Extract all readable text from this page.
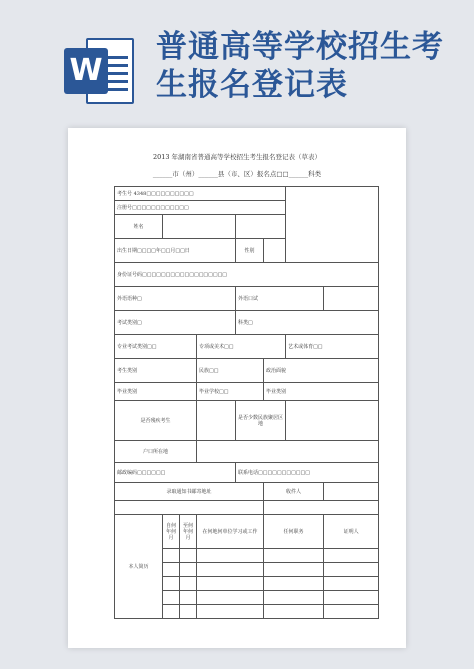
W
普通高等学校招生考生报名登记表
2013 年湖南省普通高等学校招生考生报名登记表（草表）
______市（州）______县（市、区）报名点□□______科类
考生号 4348□□□□□□□□□□							
注册号□□□□□□□□□□□□							
姓名							
出生日期□□□□年□□月□□日				性别			
身份证号码□□□□□□□□□□□□□□□□□□							
外语语种□				外语口试			
考试类别□				科类□			
专业考试类别□□			专项或美术□□			艺术或体育□□	
考生类别			民族□□		政治面貌		
毕业类别			毕业学校□□		毕业类别		
是否残疾考生				是否少数民族聚居区地			
户口所在地							
邮政编码□□□□□□				联系电话□□□□□□□□□□□			
录取通知书邮寄地址					收件人		

本人简历	自何年何月	至何年何月	在何地何单位学习或工作		任何职务		证明人
